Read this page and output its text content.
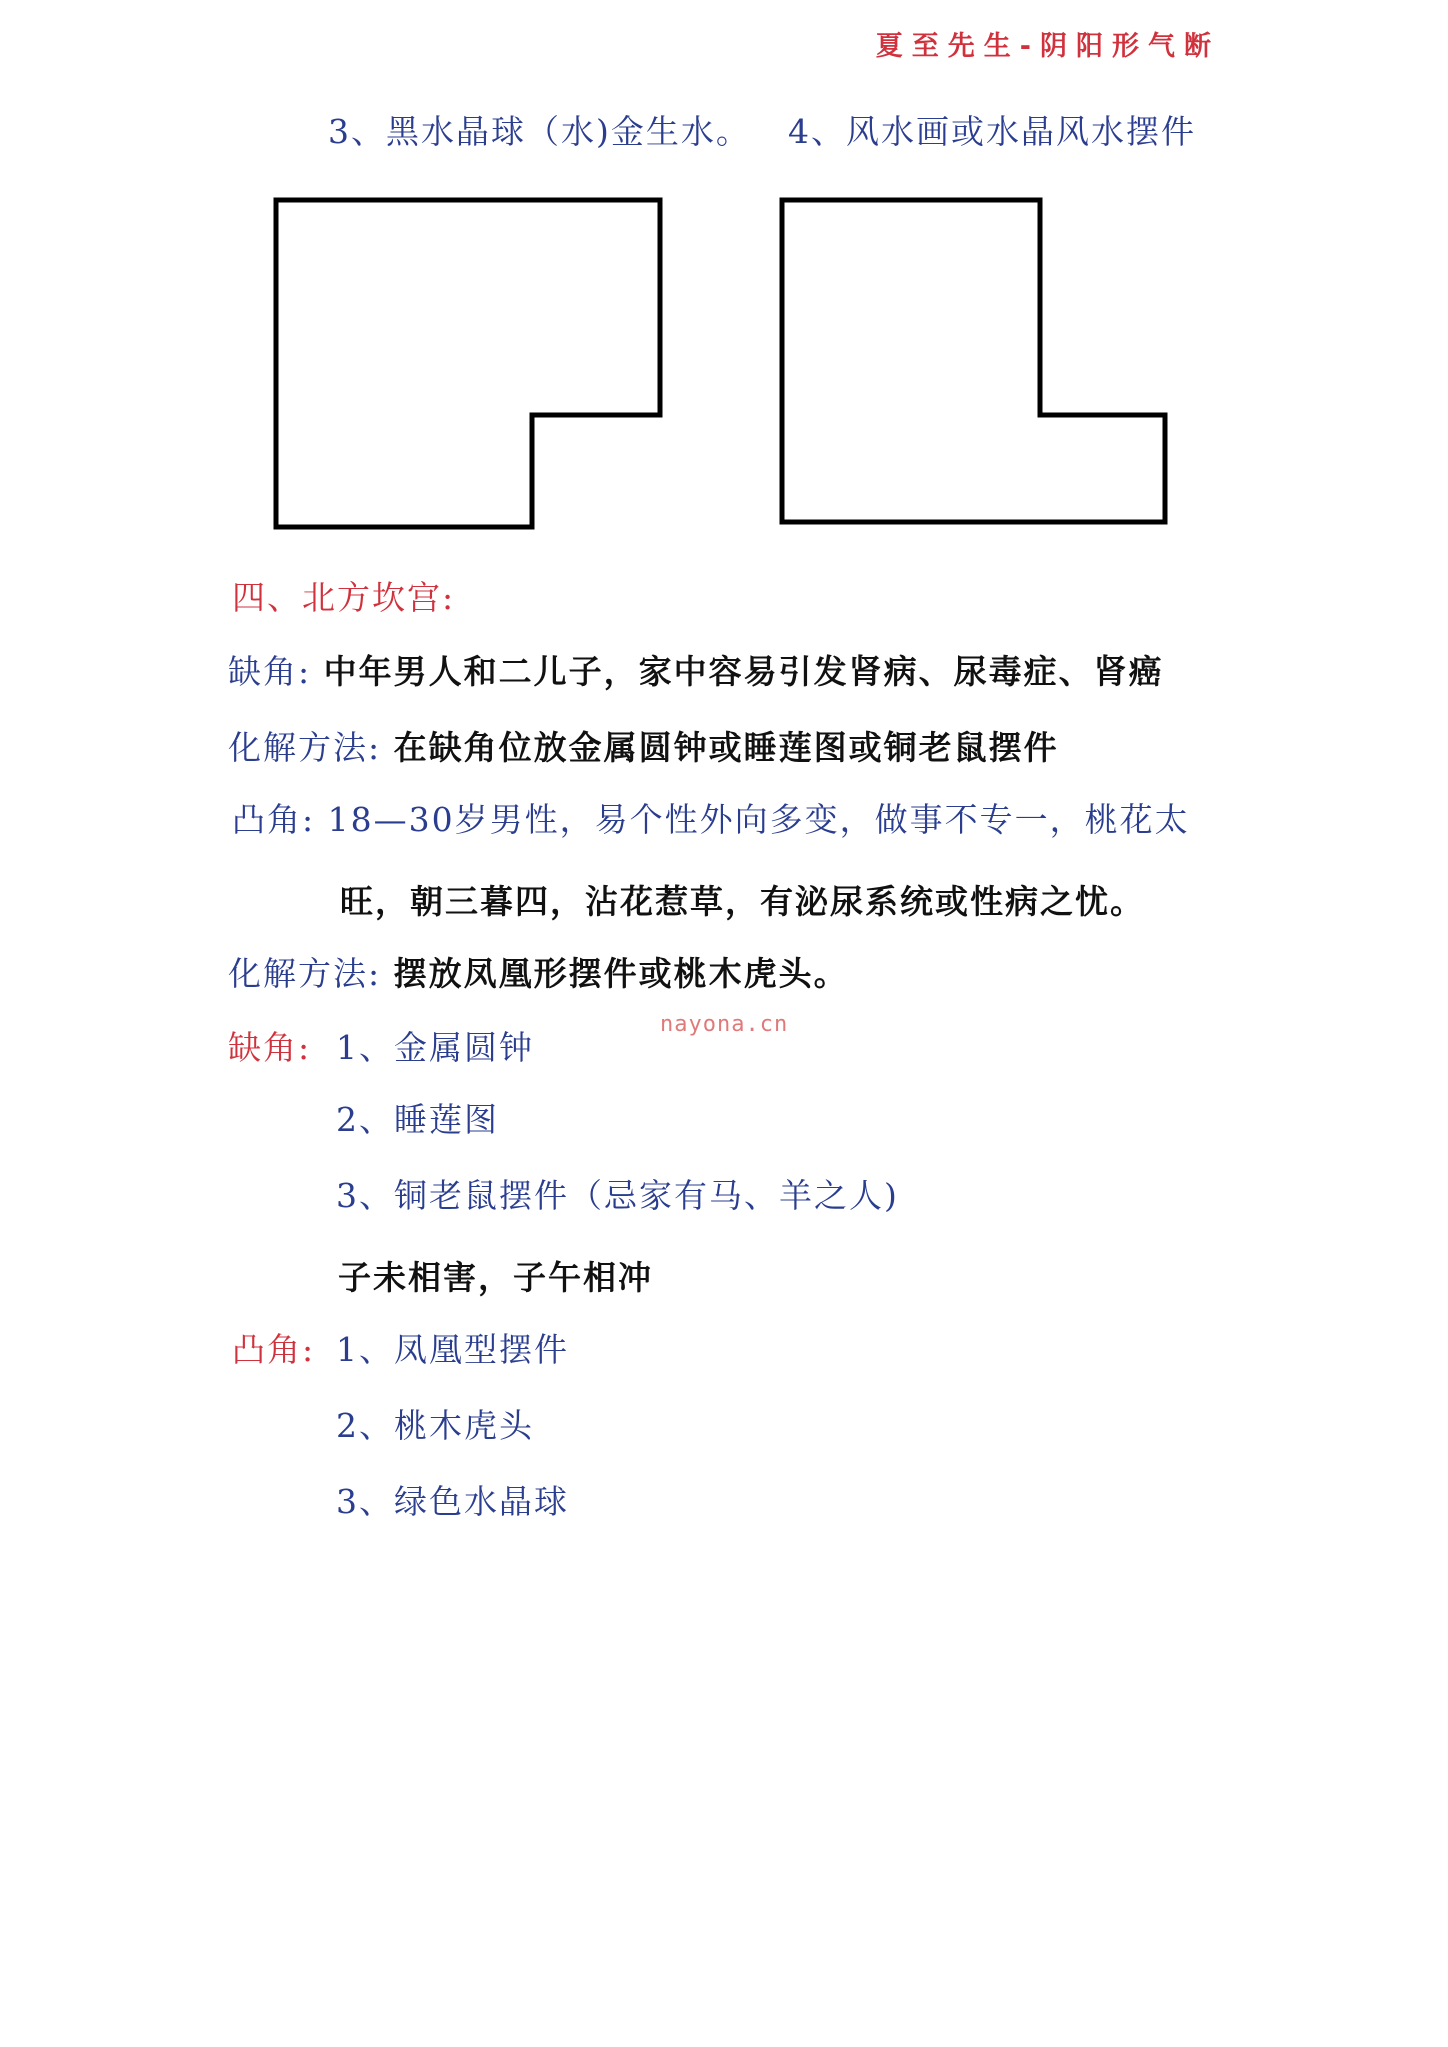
夏至先生-阴阳形气断
3、黑水晶球（水)金生水。 4、风水画或水晶风水摆件
四、北方坎宫:
缺角: 中年男人和二儿子，家中容易引发肾病、尿毒症、肾癌
化解方法: 在缺角位放金属圆钟或睡莲图或铜老鼠摆件
凸角: 18—30岁男性，易个性外向多变，做事不专一，桃花太
旺，朝三暮四，沾花惹草，有泌尿系统或性病之忧。
化解方法: 摆放凤凰形摆件或桃木虎头。
nayona.cn
缺角: 1、金属圆钟
2、睡莲图
3、铜老鼠摆件（忌家有马、羊之人)
子未相害，子午相冲
凸角: 1、凤凰型摆件
2、桃木虎头
3、绿色水晶球
